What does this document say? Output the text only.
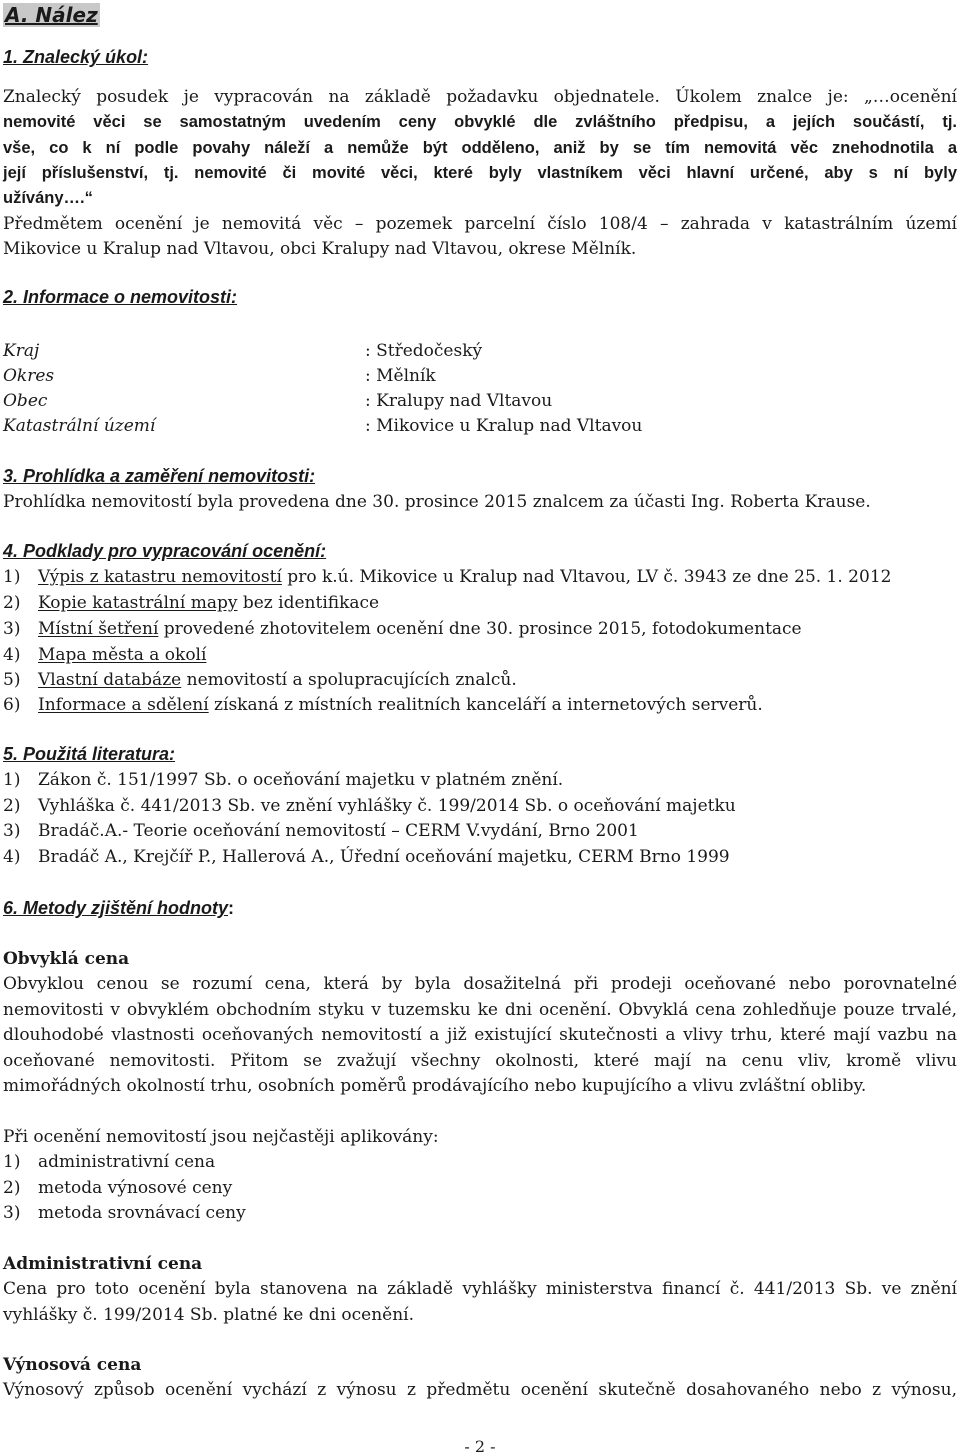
A. Nález
1. Znalecký úkol:
Znalecký posudek je vypracován na základě požadavku objednatele. Úkolem znalce je: „…ocenění
nemovité věci se samostatným uvedením ceny obvyklé dle zvláštního předpisu, a jejích součástí, tj.
vše, co k ní podle povahy náleží a nemůže být odděleno, aniž by se tím nemovitá věc znehodnotila a
její příslušenství, tj. nemovité či movité věci, které byly vlastníkem věci hlavní určené, aby s ní byly
užívány….“
Předmětem ocenění je nemovitá věc – pozemek parcelní číslo 108/4 – zahrada v katastrálním území
Mikovice u Kralup nad Vltavou, obci Kralupy nad Vltavou, okrese Mělník.
2. Informace o nemovitosti:
Kraj	: Středočeský
Okres	: Mělník
Obec	: Kralupy nad Vltavou
Katastrální území	: Mikovice u Kralup nad Vltavou
3. Prohlídka a zaměření nemovitosti:
Prohlídka nemovitostí byla provedena dne 30. prosince 2015 znalcem za účasti Ing. Roberta Krause.
4. Podklady pro vypracování ocenění:
1) Výpis z katastru nemovitostí pro k.ú. Mikovice u Kralup nad Vltavou, LV č. 3943 ze dne 25. 1. 2012
2) Kopie katastrální mapy bez identifikace
3) Místní šetření provedené zhotovitelem ocenění dne 30. prosince 2015, fotodokumentace
4) Mapa města a okolí
5) Vlastní databáze nemovitostí a spolupracujících znalců.
6) Informace a sdělení získaná z místních realitních kanceláří a internetových serverů.
5. Použitá literatura:
1) Zákon č. 151/1997 Sb. o oceňování majetku v platném znění.
2) Vyhláška č. 441/2013 Sb. ve znění vyhlášky č. 199/2014 Sb. o oceňování majetku
3) Bradáč.A.- Teorie oceňování nemovitostí – CERM V.vydání, Brno 2001
4) Bradáč A., Krejčíř P., Hallerová A., Úřední oceňování majetku, CERM Brno 1999
6. Metody zjištění hodnoty:
Obvyklá cena
Obvyklou cenou se rozumí cena, která by byla dosažitelná při prodeji oceňované nebo porovnatelné
nemovitosti v obvyklém obchodním styku v tuzemsku ke dni ocenění. Obvyklá cena zohledňuje pouze trvalé,
dlouhodobé vlastnosti oceňovaných nemovitostí a již existující skutečnosti a vlivy trhu, které mají vazbu na
oceňované nemovitosti. Přitom se zvažují všechny okolnosti, které mají na cenu vliv, kromě vlivu
mimořádných okolností trhu, osobních poměrů prodávajícího nebo kupujícího a vlivu zvláštní obliby.
Při ocenění nemovitostí jsou nejčastěji aplikovány:
1) administrativní cena
2) metoda výnosové ceny
3) metoda srovnávací ceny
Administrativní cena
Cena pro toto ocenění byla stanovena na základě vyhlášky ministerstva financí č. 441/2013 Sb. ve znění
vyhlášky č. 199/2014 Sb. platné ke dni ocenění.
Výnosová cena
Výnosový způsob ocenění vychází z výnosu z předmětu ocenění skutečně dosahovaného nebo z výnosu,
- 2 -
